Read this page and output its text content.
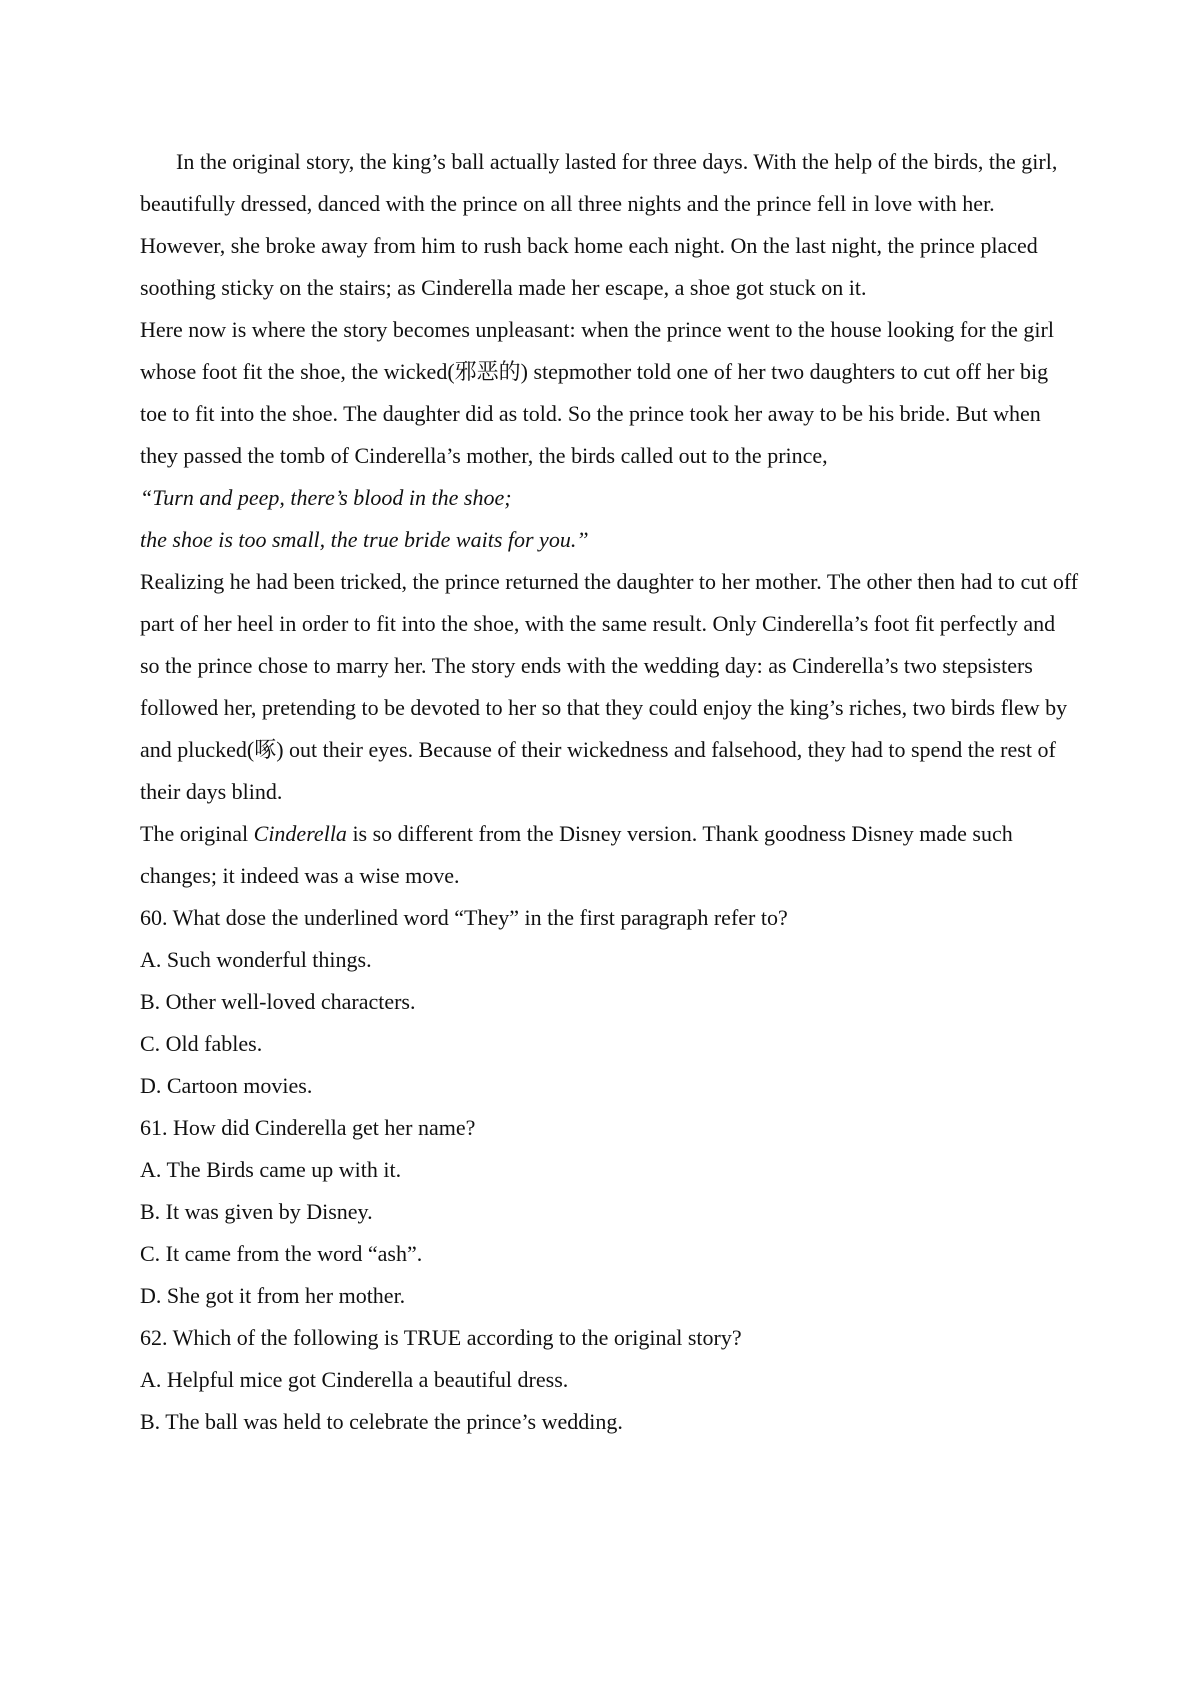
In the original story, the king’s ball actually lasted for three days. With the help of the birds, the girl, beautifully dressed, danced with the prince on all three nights and the prince fell in love with her. However, she broke away from him to rush back home each night. On the last night, the prince placed soothing sticky on the stairs; as Cinderella made her escape, a shoe got stuck on it.

Here now is where the story becomes unpleasant: when the prince went to the house looking for the girl whose foot fit the shoe, the wicked(邪恶的) stepmother told one of her two daughters to cut off her big toe to fit into the shoe. The daughter did as told. So the prince took her away to be his bride. But when they passed the tomb of Cinderella’s mother, the birds called out to the prince,

“Turn and peep, there’s blood in the shoe;

the shoe is too small, the true bride waits for you.”

Realizing he had been tricked, the prince returned the daughter to her mother. The other then had to cut off part of her heel in order to fit into the shoe, with the same result. Only Cinderella’s foot fit perfectly and so the prince chose to marry her. The story ends with the wedding day: as Cinderella’s two stepsisters followed her, pretending to be devoted to her so that they could enjoy the king’s riches, two birds flew by and plucked(啄) out their eyes. Because of their wickedness and falsehood, they had to spend the rest of their days blind.

The original Cinderella is so different from the Disney version. Thank goodness Disney made such changes; it indeed was a wise move.

60. What dose the underlined word “They” in the first paragraph refer to?

A. Such wonderful things.

B. Other well-loved characters.

C. Old fables.

D. Cartoon movies.

61. How did Cinderella get her name?

A. The Birds came up with it.

B. It was given by Disney.

C. It came from the word “ash”.

D. She got it from her mother.

62. Which of the following is TRUE according to the original story?

A. Helpful mice got Cinderella a beautiful dress.

B. The ball was held to celebrate the prince’s wedding.
